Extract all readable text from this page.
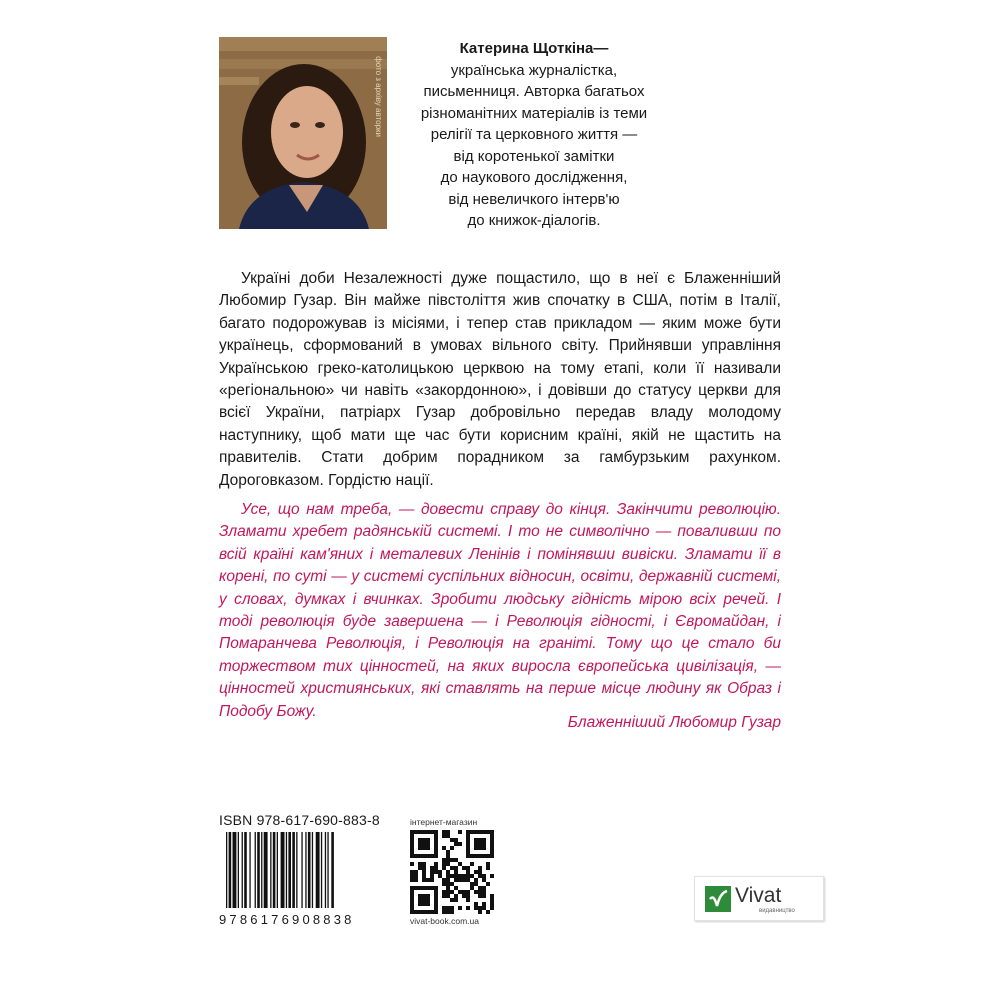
фото з архіву авторки
Катерина Щоткіна—
українська журналістка,
письменниця. Авторка багатьох
різноманітних матеріалів із теми
релігії та церковного життя —
від коротенької замітки
до наукового дослідження,
від невеличкого інтерв'ю
до книжок-діалогів.

Україні доби Незалежності дуже пощастило, що в неї є Блаженніший Любомир Гузар. Він майже півстоліття жив спочатку в США, потім в Італії, багато подорожував із місіями, і тепер став прикладом — яким може бути українець, сформований в умовах вільного світу. Прийнявши управління Українською греко-католицькою церквою на тому етапі, коли її називали «регіональною» чи навіть «закордонною», і довівши до статусу церкви для всієї України, патріарх Гузар добровільно передав владу молодому наступнику, щоб мати ще час бути корисним країні, якій не щастить на правителів. Стати добрим порадником за гамбурзьким рахунком. Дороговказом. Гордістю нації.

Усе, що нам треба, — довести справу до кінця. Закінчити революцію. Зламати хребет радянській системі. І то не символічно — поваливши по всій країні кам'яних і металевих Ленінів і помінявши вивіски. Зламати її в корені, по суті — у системі суспільних відносин, освіти, державній системі, у словах, думках і вчинках. Зробити людську гідність мірою всіх речей. І тоді революція буде завершена — і Революція гідності, і Євромайдан, і Помаранчева Революція, і Революція на граніті. Тому що це стало би торжеством тих цінностей, на яких виросла європейська цивілізація, — цінностей християнських, які ставлять на перше місце людину як Образ і Подобу Божу.

Блаженніший Любомир Гузар
ISBN 978-617-690-883-8
9786176908838
інтернет-магазин
vivat-book.com.ua
Vivat
видавництво
